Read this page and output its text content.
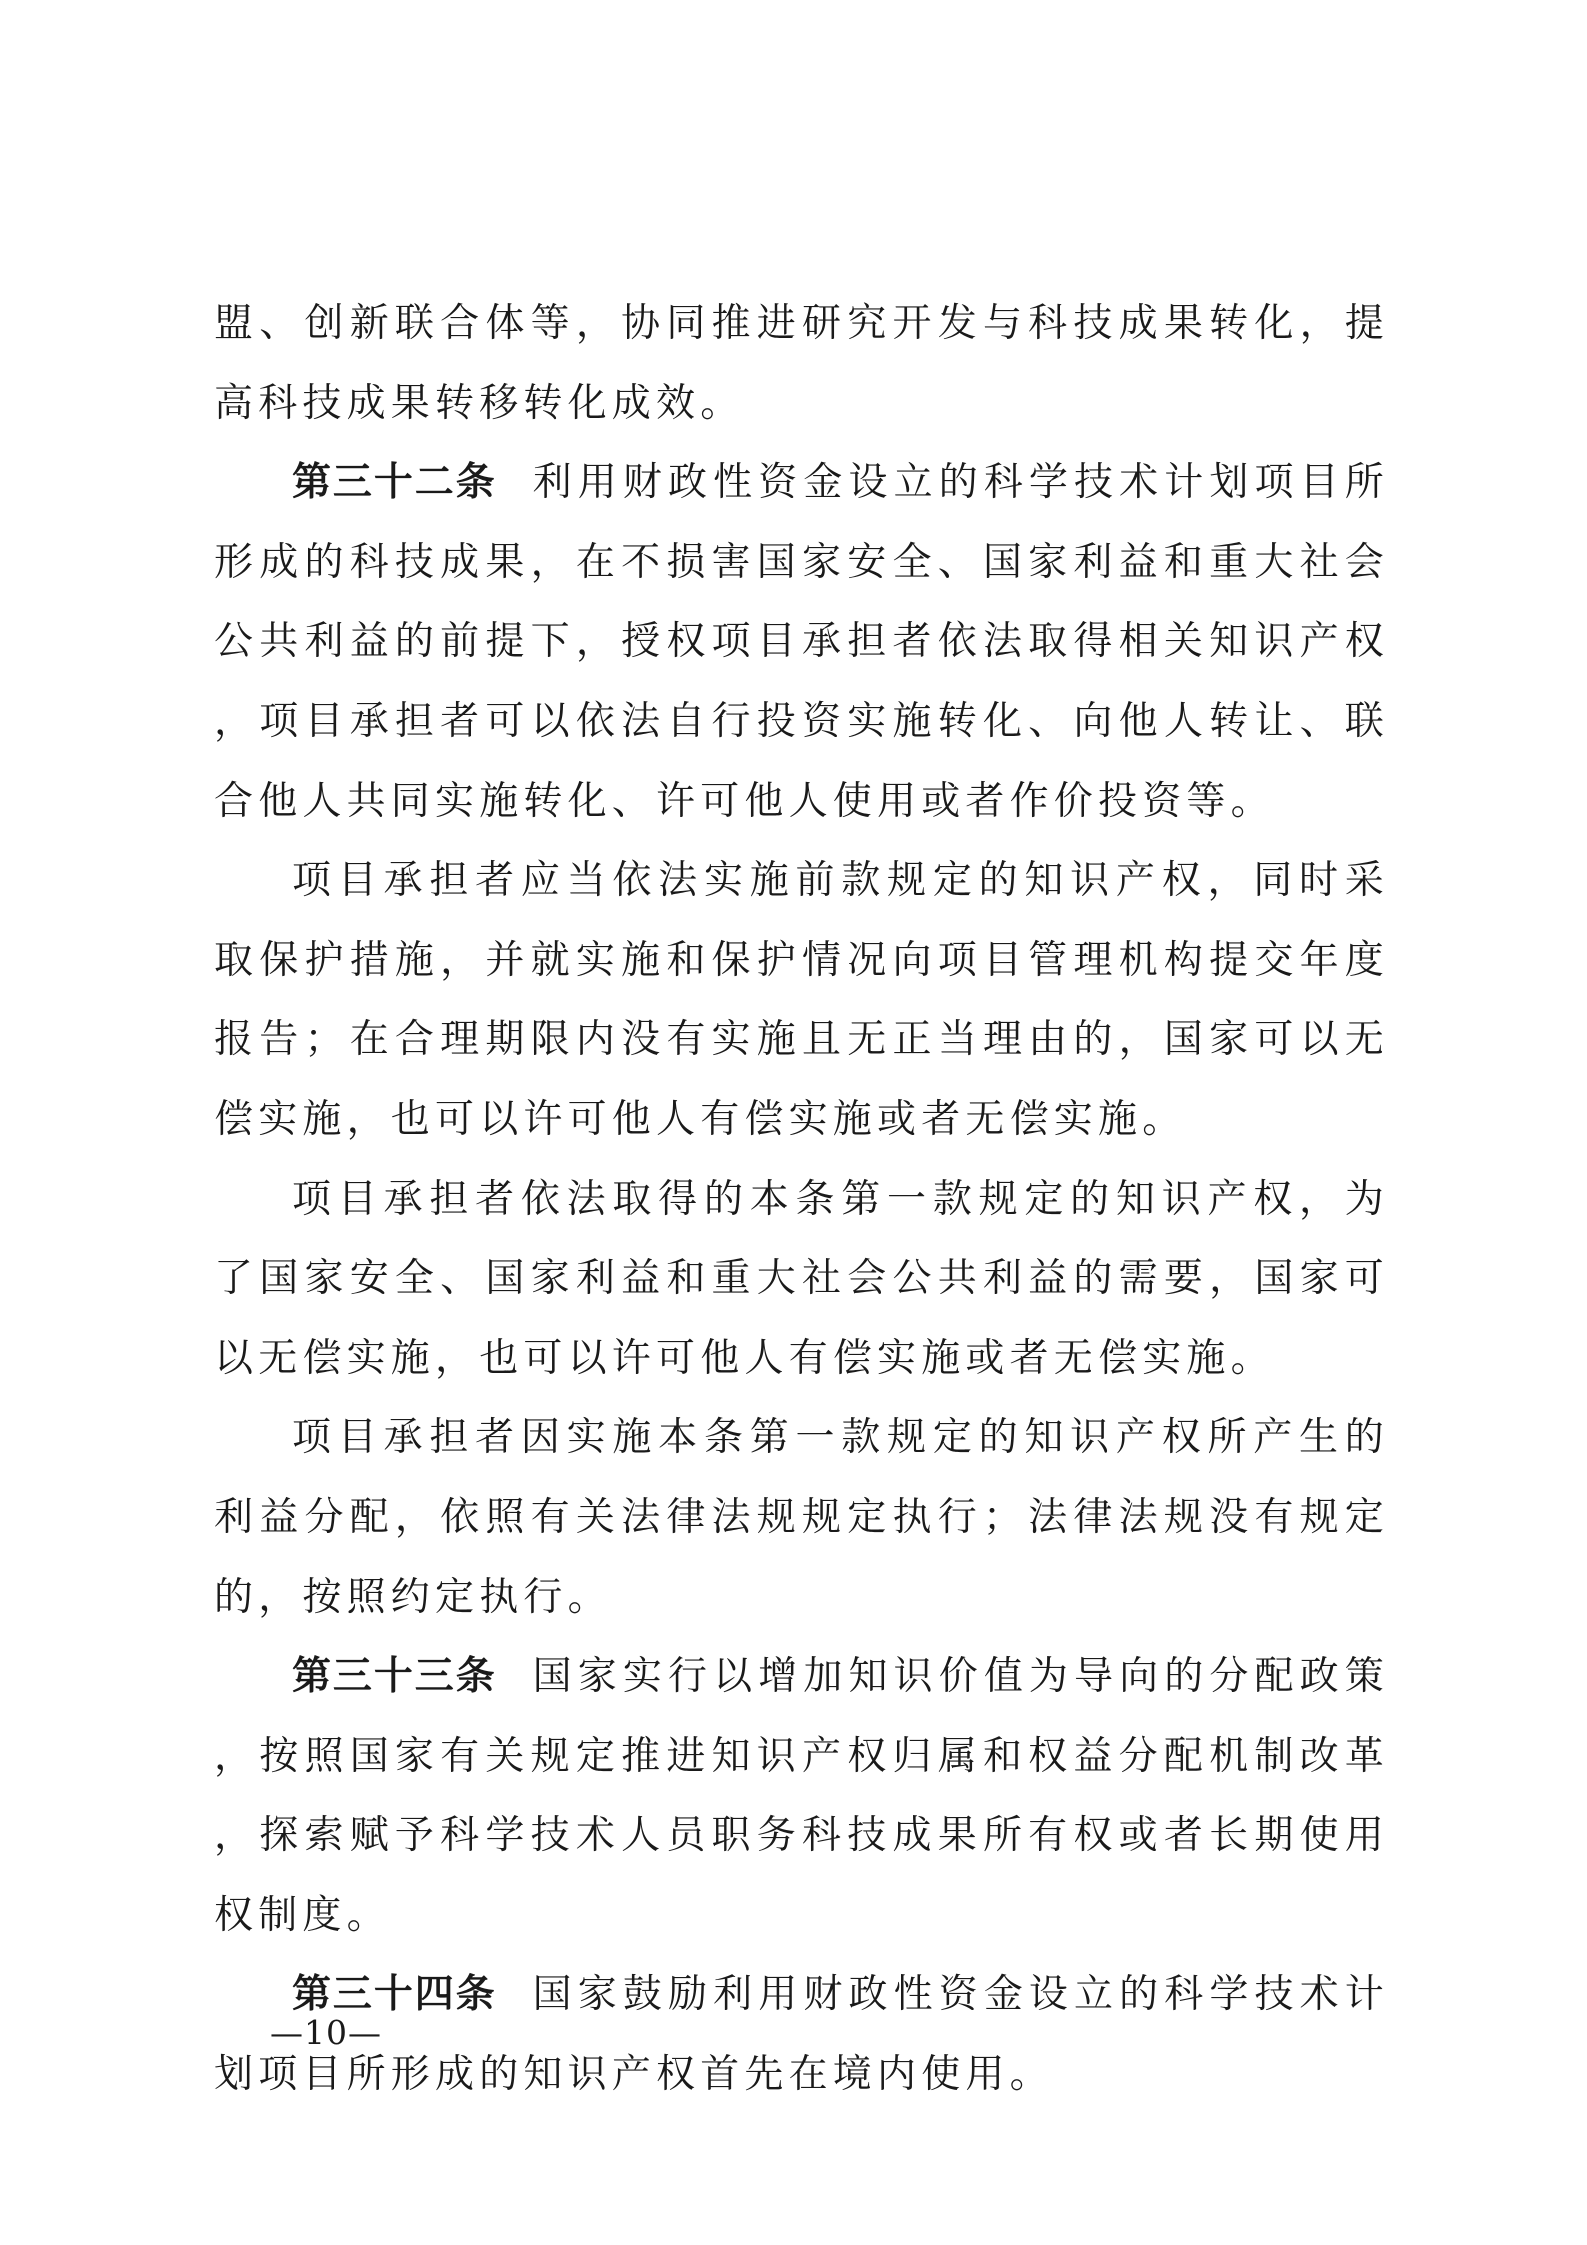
盟、创新联合体等，协同推进研究开发与科技成果转化，提高科技成果转移转化成效。

第三十二条 利用财政性资金设立的科学技术计划项目所形成的科技成果，在不损害国家安全、国家利益和重大社会公共利益的前提下，授权项目承担者依法取得相关知识产权，项目承担者可以依法自行投资实施转化、向他人转让、联合他人共同实施转化、许可他人使用或者作价投资等。

项目承担者应当依法实施前款规定的知识产权，同时采取保护措施，并就实施和保护情况向项目管理机构提交年度报告；在合理期限内没有实施且无正当理由的，国家可以无偿实施，也可以许可他人有偿实施或者无偿实施。

项目承担者依法取得的本条第一款规定的知识产权，为了国家安全、国家利益和重大社会公共利益的需要，国家可以无偿实施，也可以许可他人有偿实施或者无偿实施。

项目承担者因实施本条第一款规定的知识产权所产生的利益分配，依照有关法律法规规定执行；法律法规没有规定的，按照约定执行。

第三十三条 国家实行以增加知识价值为导向的分配政策，按照国家有关规定推进知识产权归属和权益分配机制改革，探索赋予科学技术人员职务科技成果所有权或者长期使用权制度。

第三十四条 国家鼓励利用财政性资金设立的科学技术计划项目所形成的知识产权首先在境内使用。

—10—
